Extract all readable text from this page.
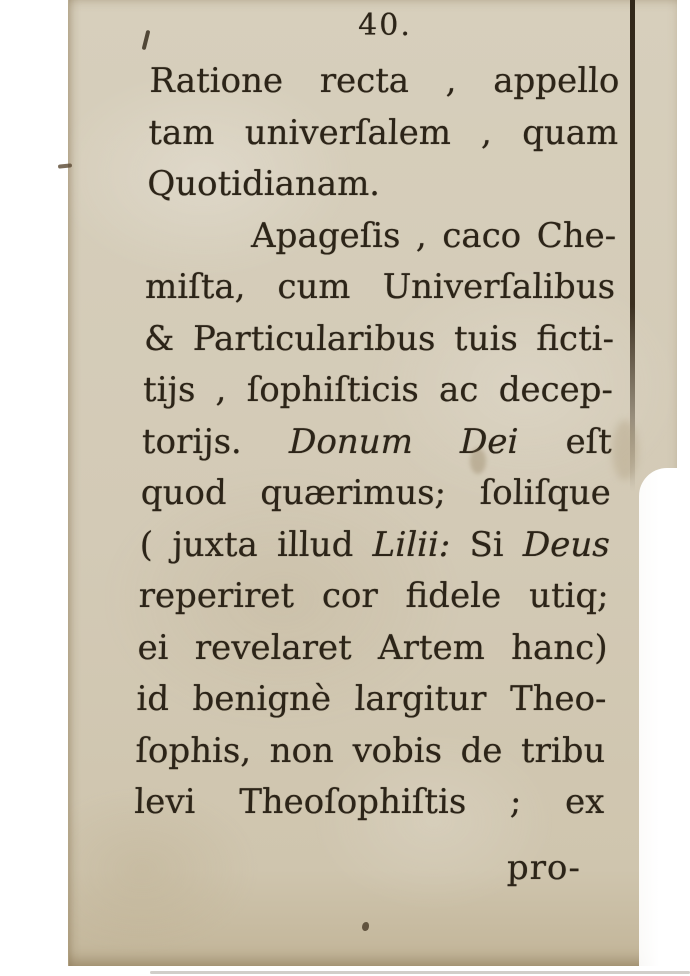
40.
Ratione recta , appello
tam univerſalem , quam
Quotidianam.
Apageſis , caco Che-
miſta, cum Univerſalibus
& Particularibus tuis ficti-
tijs , ſophiſticis ac decep-
torijs. Donum Dei eſt
quod quærimus; ſoliſque
( juxta illud Lilii: Si Deus
reperiret cor fidele utiq;
ei revelaret Artem hanc)
id benignè largitur Theo-
ſophis, non vobis de tribu
levi Theoſophiſtis ; ex
pro-
